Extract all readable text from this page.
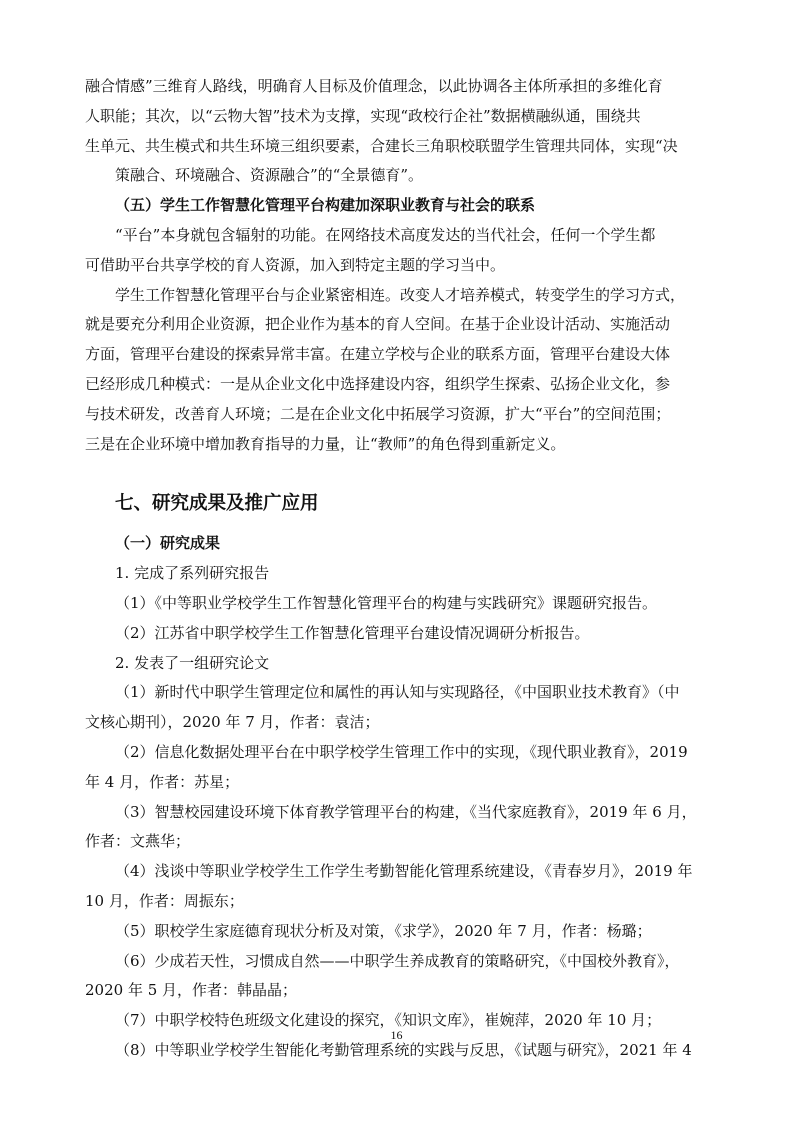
融合情感”三维育人路线，明确育人目标及价值理念，以此协调各主体所承担的多维化育
人职能；其次，以“云物大智”技术为支撑，实现“政校行企社”数据横融纵通，围绕共
生单元、共生模式和共生环境三组织要素，合建长三角职校联盟学生管理共同体，实现“决
策融合、环境融合、资源融合”的“全景德育”。
（五）学生工作智慧化管理平台构建加深职业教育与社会的联系
“平台”本身就包含辐射的功能。在网络技术高度发达的当代社会，任何一个学生都
可借助平台共享学校的育人资源，加入到特定主题的学习当中。
学生工作智慧化管理平台与企业紧密相连。改变人才培养模式，转变学生的学习方式，
就是要充分利用企业资源，把企业作为基本的育人空间。在基于企业设计活动、实施活动
方面，管理平台建设的探索异常丰富。在建立学校与企业的联系方面，管理平台建设大体
已经形成几种模式：一是从企业文化中选择建设内容，组织学生探索、弘扬企业文化，参
与技术研发，改善育人环境；二是在企业文化中拓展学习资源，扩大“平台”的空间范围；
三是在企业环境中增加教育指导的力量，让“教师”的角色得到重新定义。
七、研究成果及推广应用
（一）研究成果
1. 完成了系列研究报告
（1）《中等职业学校学生工作智慧化管理平台的构建与实践研究》课题研究报告。
（2）江苏省中职学校学生工作智慧化管理平台建设情况调研分析报告。
2. 发表了一组研究论文
（1）新时代中职学生管理定位和属性的再认知与实现路径，《中国职业技术教育》（中
文核心期刊），2020 年 7 月，作者：袁洁；
（2）信息化数据处理平台在中职学校学生管理工作中的实现，《现代职业教育》，2019
年 4 月，作者：苏星；
（3）智慧校园建设环境下体育教学管理平台的构建，《当代家庭教育》，2019 年 6 月，
作者：文燕华；
（4）浅谈中等职业学校学生工作学生考勤智能化管理系统建设，《青春岁月》，2019 年
10 月，作者：周振东；
（5）职校学生家庭德育现状分析及对策，《求学》，2020 年 7 月，作者：杨璐；
（6）少成若天性，习惯成自然——中职学生养成教育的策略研究，《中国校外教育》，
2020 年 5 月，作者：韩晶晶；
（7）中职学校特色班级文化建设的探究，《知识文库》，崔婉萍，2020 年 10 月；
（8）中等职业学校学生智能化考勤管理系统的实践与反思，《试题与研究》，2021 年 4
16
